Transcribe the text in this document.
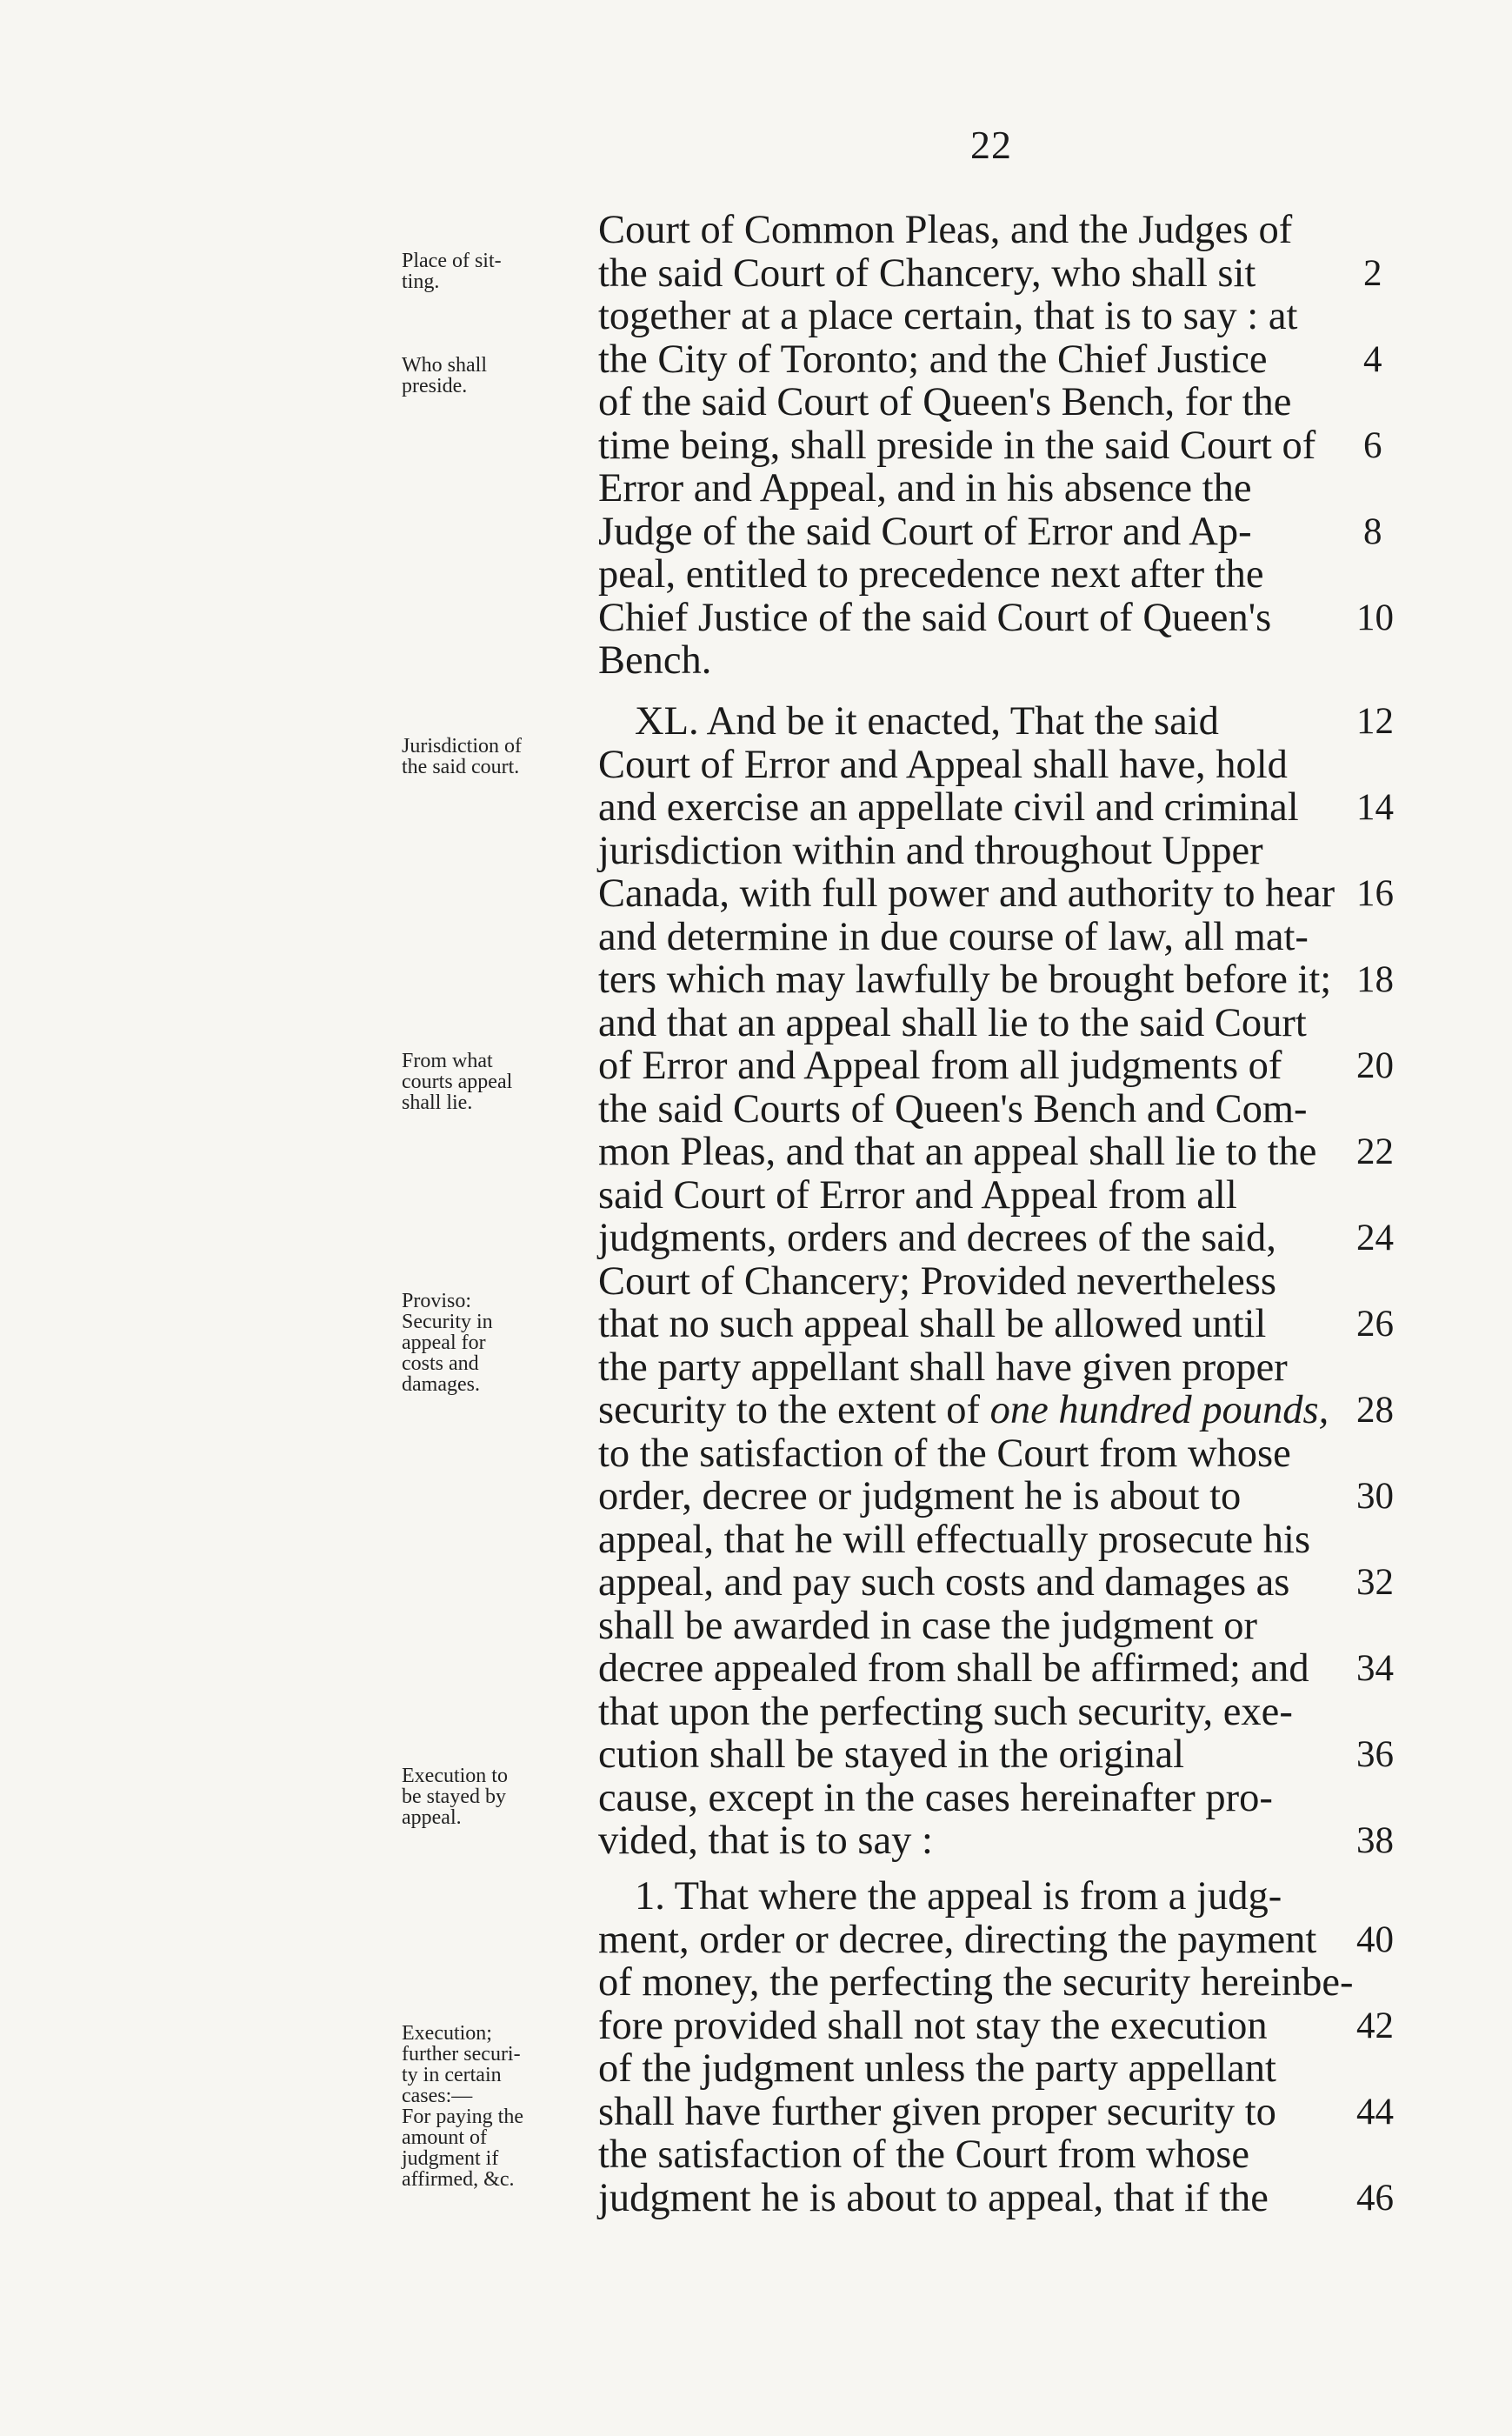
22
Place of sit-
ting.
Who shall
preside.
Jurisdiction of
the said court.
From what
courts appeal
shall lie.
Proviso:
Security in
appeal for
costs and
damages.
Execution to
be stayed by
appeal.
Execution;
further securi-
ty in certain
cases:—
For paying the
amount of
judgment if
affirmed, &c.
Court of Common Pleas, and the Judges of
the said Court of Chancery, who shall sit	2
together at a place certain, that is to say : at
the City of Toronto; and the Chief Justice	4
of the said Court of Queen's Bench, for the
time being, shall preside in the said Court of 6
Error and Appeal, and in his absence the
Judge of the said Court of Error and Ap-	8
peal, entitled to precedence next after the
Chief Justice of the said Court of Queen's 10
Bench.
XL. And be it enacted, That the said	12
Court of Error and Appeal shall have, hold
and exercise an appellate civil and criminal 14
jurisdiction within and throughout Upper
Canada, with full power and authority to hear 16
and determine in due course of law, all mat-
ters which may lawfully be brought before it; 18
and that an appeal shall lie to the said Court
of Error and Appeal from all judgments of 20
the said Courts of Queen's Bench and Com-
mon Pleas, and that an appeal shall lie to the 22
said Court of Error and Appeal from all
judgments, orders and decrees of the said, 24
Court of Chancery; Provided nevertheless
that no such appeal shall be allowed until 26
the party appellant shall have given proper
security to the extent of one hundred pounds, 28
to the satisfaction of the Court from whose
order, decree or judgment he is about to	30
appeal, that he will effectually prosecute his
appeal, and pay such costs and damages as 32
shall be awarded in case the judgment or
decree appealed from shall be affirmed; and 34
that upon the perfecting such security, exe-
cution shall be stayed in the original	36
cause, except in the cases hereinafter pro-
vided, that is to say :	38
1. That where the appeal is from a judg-
ment, order or decree, directing the payment 40
of money, the perfecting the security hereinbe-
fore provided shall not stay the execution 42
of the judgment unless the party appellant
shall have further given proper security to 44
the satisfaction of the Court from whose
judgment he is about to appeal, that if the 46
